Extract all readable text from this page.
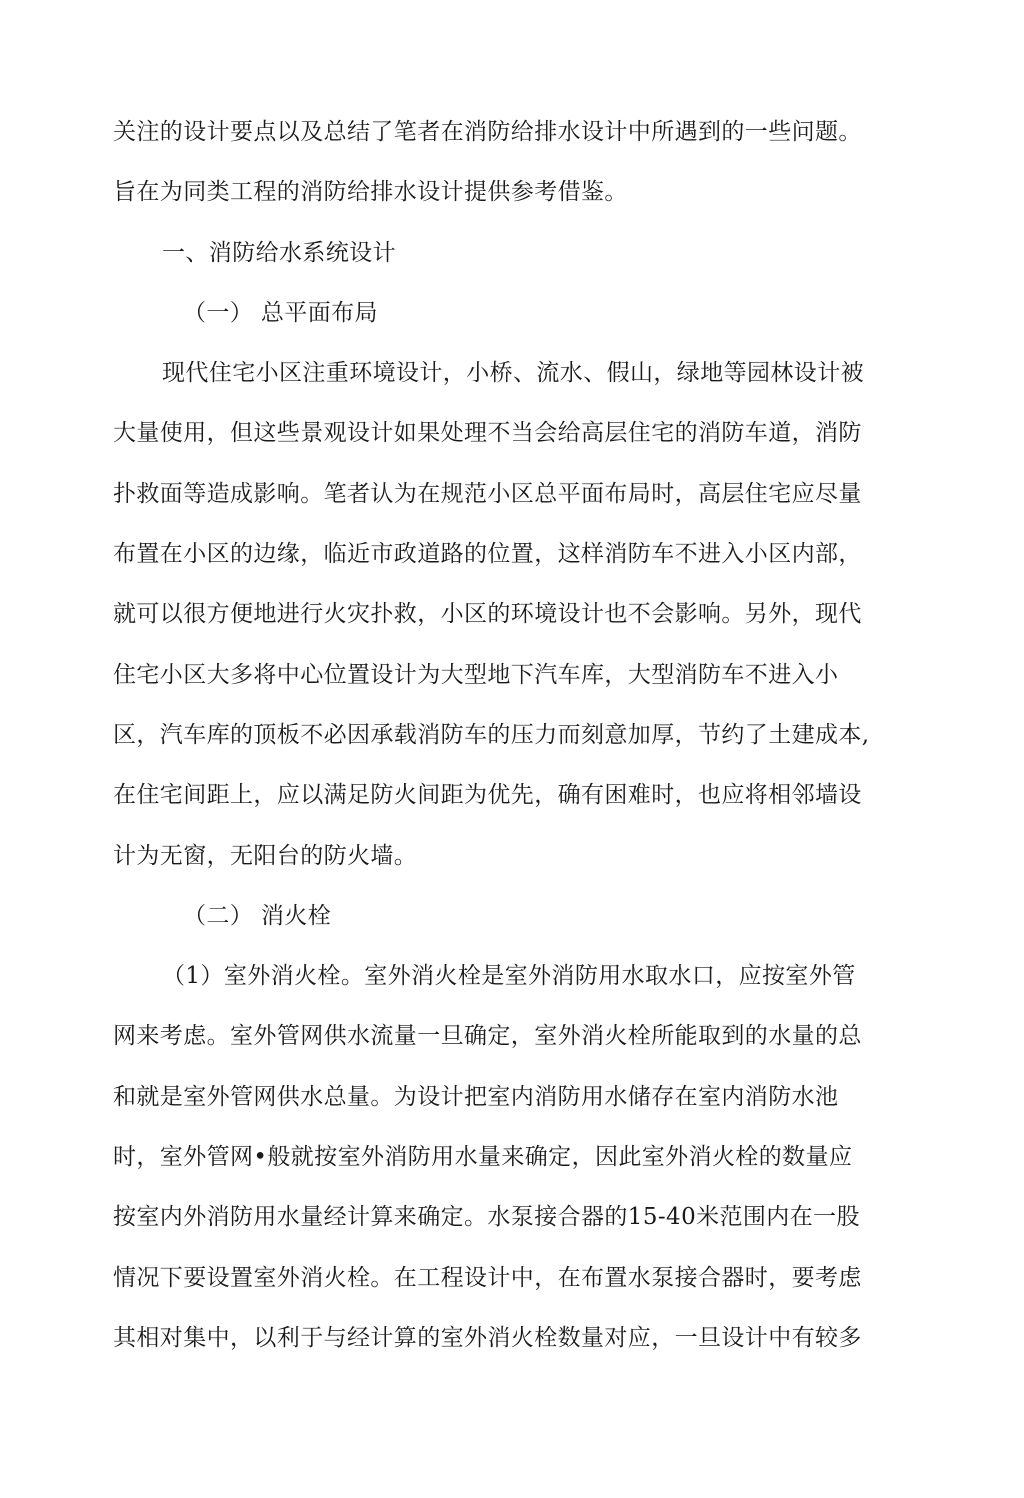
关注的设计要点以及总结了笔者在消防给排水设计中所遇到的一些问题。
旨在为同类工程的消防给排水设计提供参考借鉴。
一、消防给水系统设计
（一） 总平面布局
现代住宅小区注重环境设计，小桥、流水、假山，绿地等园林设计被
大量使用，但这些景观设计如果处理不当会给高层住宅的消防车道，消防
扑救面等造成影响。笔者认为在规范小区总平面布局时，高层住宅应尽量
布置在小区的边缘，临近市政道路的位置，这样消防车不进入小区内部，
就可以很方便地进行火灾扑救，小区的环境设计也不会影响。另外，现代
住宅小区大多将中心位置设计为大型地下汽车库，大型消防车不进入小
区，汽车库的顶板不必因承载消防车的压力而刻意加厚，节约了土建成本,
在住宅间距上，应以满足防火间距为优先，确有困难时，也应将相邻墙设
计为无窗，无阳台的防火墙。
（二） 消火栓
（1）室外消火栓。室外消火栓是室外消防用水取水口，应按室外管
网来考虑。室外管网供水流量一旦确定，室外消火栓所能取到的水量的总
和就是室外管网供水总量。为设计把室内消防用水储存在室内消防水池
时，室外管网•般就按室外消防用水量来确定，因此室外消火栓的数量应
按室内外消防用水量经计算来确定。水泵接合器的15-40米范围内在一股
情况下要设置室外消火栓。在工程设计中，在布置水泵接合器时，要考虑
其相对集中，以利于与经计算的室外消火栓数量对应，一旦设计中有较多
